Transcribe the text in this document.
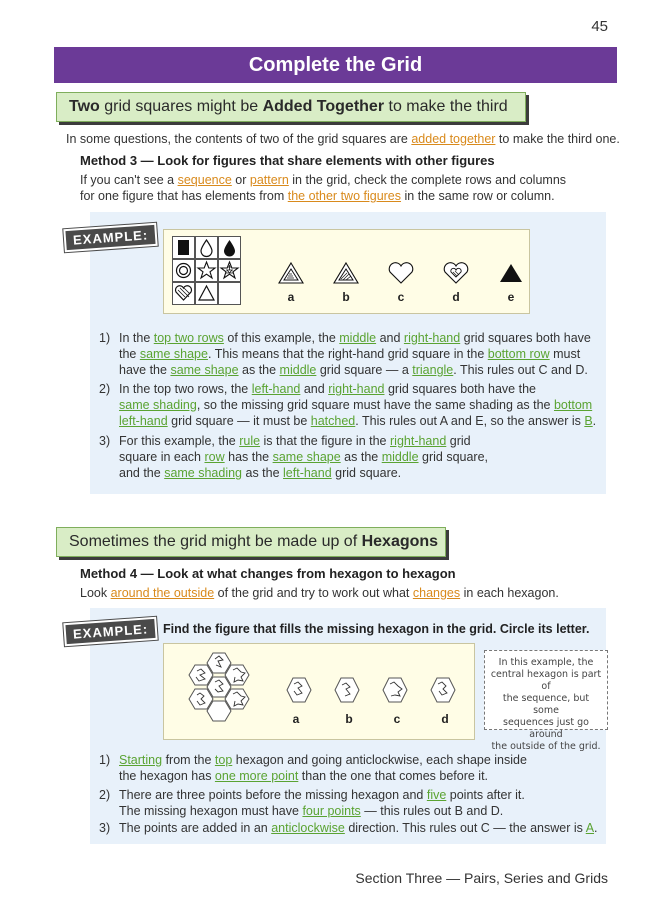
45
Complete the Grid
Two grid squares might be Added Together to make the third
In some questions, the contents of two of the grid squares are added together to make the third one.
Method 3 — Look for figures that share elements with other figures
If you can't see a sequence or pattern in the grid, check the complete rows and columns
for one figure that has elements from the other two figures in the same row or column.
EXAMPLE:
a	b	c	d	e
1) In the top two rows of this example, the middle and right-hand grid squares both have
the same shape. This means that the right-hand grid square in the bottom row must
have the same shape as the middle grid square — a triangle. This rules out C and D.
2) In the top two rows, the left-hand and right-hand grid squares both have the
same shading, so the missing grid square must have the same shading as the bottom
left-hand grid square — it must be hatched. This rules out A and E, so the answer is B.
3) For this example, the rule is that the figure in the right-hand grid
square in each row has the same shape as the middle grid square,
and the same shading as the left-hand grid square.
Sometimes the grid might be made up of Hexagons
Method 4 — Look at what changes from hexagon to hexagon
Look around the outside of the grid and try to work out what changes in each hexagon.
EXAMPLE:	Find the figure that fills the missing hexagon in the grid. Circle its letter.
a	b	c	d
In this example, the
central hexagon is part of
the sequence, but some
sequences just go around
the outside of the grid.
1) Starting from the top hexagon and going anticlockwise, each shape inside
the hexagon has one more point than the one that comes before it.
2) There are three points before the missing hexagon and five points after it.
The missing hexagon must have four points — this rules out B and D.
3) The points are added in an anticlockwise direction. This rules out C — the answer is A.
Section Three — Pairs, Series and Grids
